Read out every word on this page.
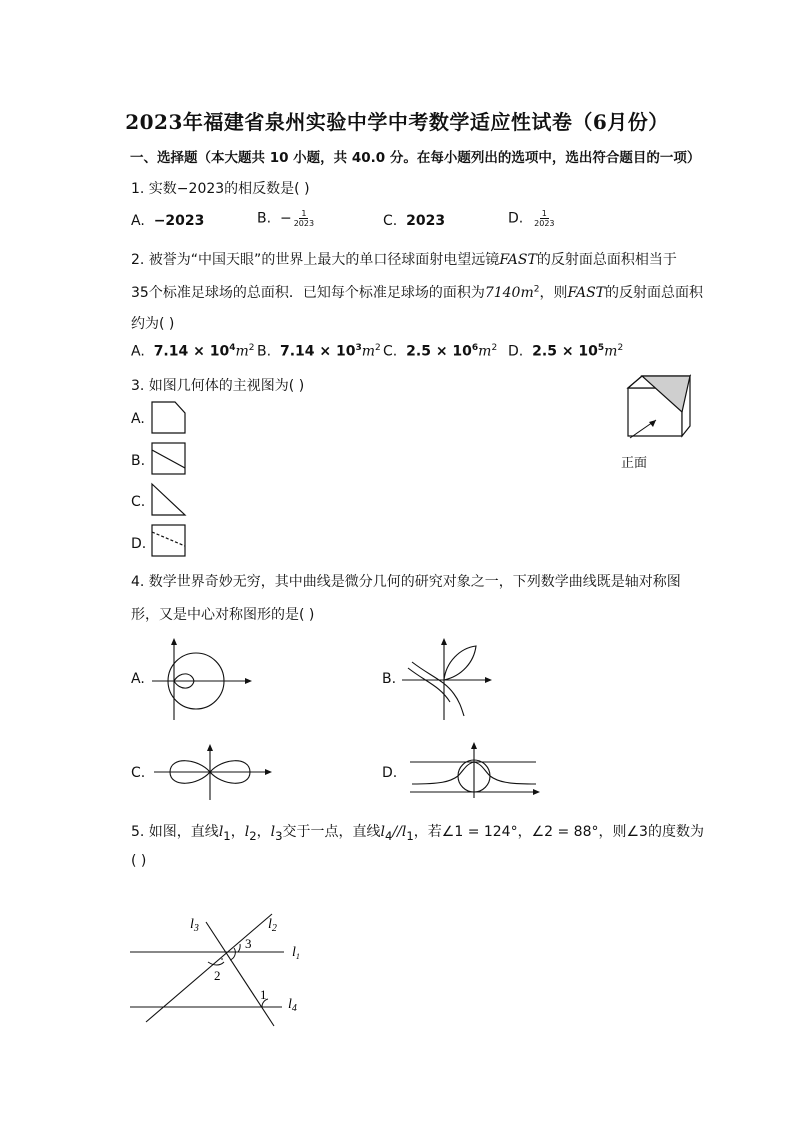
2023年福建省泉州实验中学中考数学适应性试卷（6月份）
一、选择题（本大题共 10 小题，共 40.0 分。在每小题列出的选项中，选出符合题目的一项）
1. 实数−2023的相反数是( )
A. −2023	B. − $\frac{1}{2023}$	C. 2023	D. $\frac{1}{2023}$
2. 被誉为“中国天眼”的世界上最大的单口径球面射电望远镜FAST的反射面总面积相当于
35个标准足球场的总面积．已知每个标准足球场的面积为$7140m^2$，则FAST的反射面总面积
约为( )
A. $7.14 \times 10^4m^2$ B. $7.14 \times 10^3m^2$ C. $2.5 \times 10^6m^2$ D. $2.5 \times 10^5m^2$
3. 如图几何体的主视图为( )
A.
B.
C.
D.
正面
4. 数学世界奇妙无穷，其中曲线是微分几何的研究对象之一，下列数学曲线既是轴对称图
形，又是中心对称图形的是( )
A.	B.
C.	D.
5. 如图，直线$l_1$，$l_2$，$l_3$交于一点，直线$l_4//l_1$，若∠1 = 124°，∠2 = 88°，则∠3的度数为
( )
$l_3$	$l_2$
$l_1$
$l_4$
3
2
1
